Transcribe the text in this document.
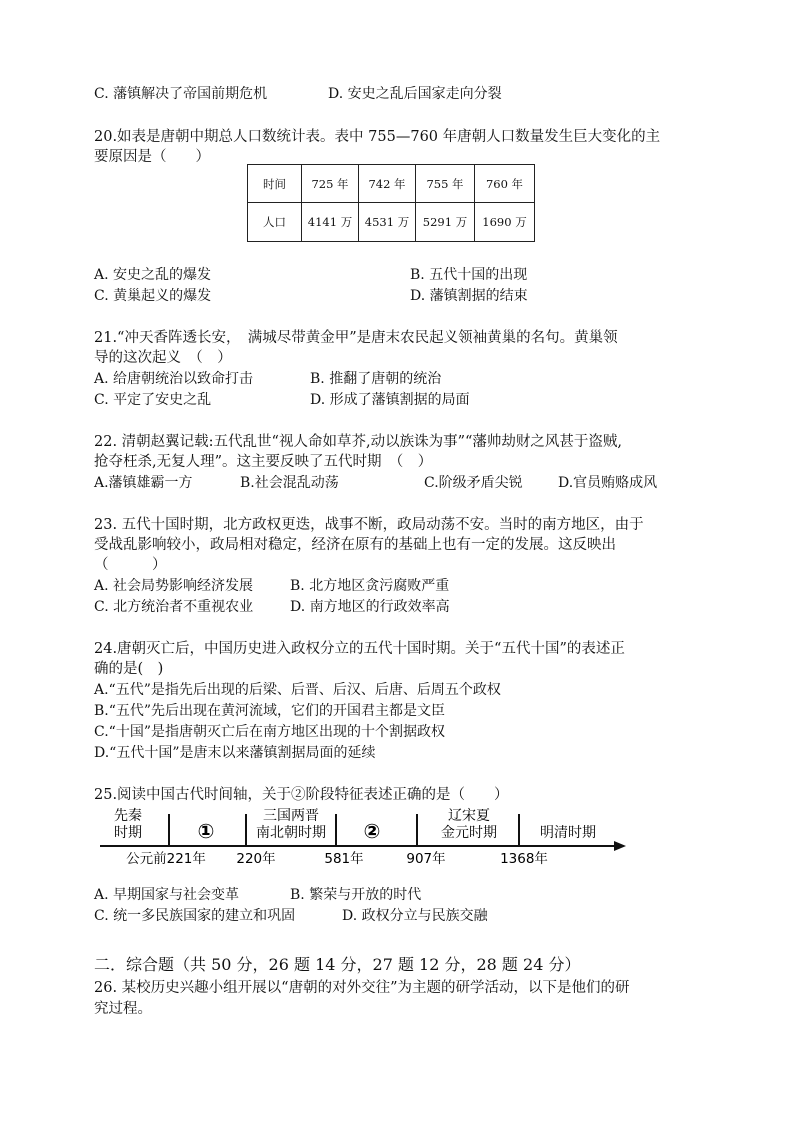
C. 藩镇解决了帝国前期危机	D. 安史之乱后国家走向分裂
20.如表是唐朝中期总人口数统计表。表中 755—760 年唐朝人口数量发生巨大变化的主
要原因是（　　）
时间	725 年	742 年	755 年	760 年
人口	4141 万	4531 万	5291 万	1690 万
A. 安史之乱的爆发	B. 五代十国的出现
C. 黄巢起义的爆发	D. 藩镇割据的结束
21.“冲天香阵透长安，　满城尽带黄金甲”是唐末农民起义领袖黄巢的名句。黄巢领
导的这次起义　（　）
A. 给唐朝统治以致命打击	B. 推翻了唐朝的统治
C. 平定了安史之乱	D. 形成了藩镇割据的局面
22. 清朝赵翼记载:五代乱世“视人命如草芥,动以族诛为事”“藩帅劫财之风甚于盗贼,
抢夺枉杀,无复人理”。这主要反映了五代时期　（　）
A.藩镇雄霸一方	B.社会混乱动荡	C.阶级矛盾尖锐	D.官员贿赂成风
23. 五代十国时期，北方政权更迭，战事不断，政局动荡不安。当时的南方地区，由于
受战乱影响较小，政局相对稳定，经济在原有的基础上也有一定的发展。这反映出
（　　　）
A. 社会局势影响经济发展	B. 北方地区贪污腐败严重
C. 北方统治者不重视农业	D. 南方地区的行政效率高
24.唐朝灭亡后，中国历史进入政权分立的五代十国时期。关于“五代十国”的表述正
确的是(　)
A.“五代”是指先后出现的后梁、后晋、后汉、后唐、后周五个政权
B.“五代”先后出现在黄河流域，它们的开国君主都是文臣
C.“十国”是指唐朝灭亡后在南方地区出现的十个割据政权
D.“五代十国”是唐末以来藩镇割据局面的延续
25.阅读中国古代时间轴，关于②阶段特征表述正确的是（　　）
先秦
时期	①
三国两晋
南北朝时期 ②
辽宋夏
金元时期	明清时期
公元前221年 220年	581年	907年	1368年
A. 早期国家与社会变革	B. 繁荣与开放的时代
C. 统一多民族国家的建立和巩固	D. 政权分立与民族交融
二．综合题（共 50 分，26 题 14 分，27 题 12 分，28 题 24 分）
26. 某校历史兴趣小组开展以“唐朝的对外交往”为主题的研学活动，以下是他们的研
究过程。
